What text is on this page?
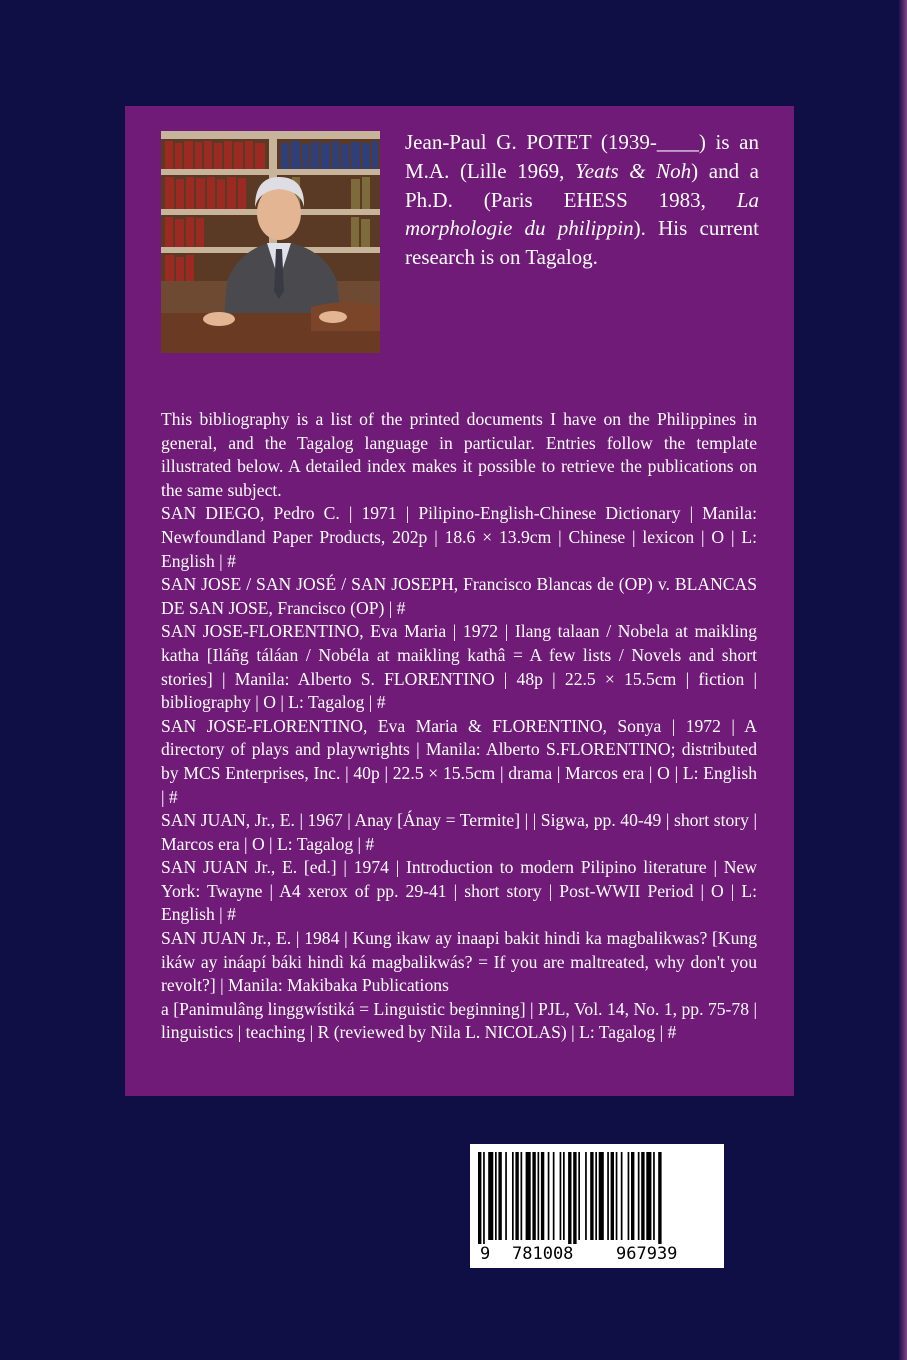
Jean-Paul G. POTET (1939-____) is an M.A. (Lille 1969, Yeats & Noh) and a Ph.D. (Paris EHESS 1983, La morphologie du philippin). His current research is on Tagalog.

This bibliography is a list of the printed documents I have on the Philippines in general, and the Tagalog language in particular. Entries follow the template illustrated below. A detailed index makes it possible to retrieve the publications on the same subject.

SAN DIEGO, Pedro C. | 1971 | Pilipino-English-Chinese Dictionary | Manila: Newfoundland Paper Products, 202p | 18.6 × 13.9cm | Chinese | lexicon | O | L: English | #

SAN JOSE / SAN JOSÉ / SAN JOSEPH, Francisco Blancas de (OP) v. BLANCAS DE SAN JOSE, Francisco (OP) | #

SAN JOSE-FLORENTINO, Eva Maria | 1972 | Ilang talaan / Nobela at maikling katha [Iláñg táláan / Nobéla at maikling kathâ = A few lists / Novels and short stories] | Manila: Alberto S. FLORENTINO | 48p | 22.5 × 15.5cm | fiction | bibliography | O | L: Tagalog | #

SAN JOSE-FLORENTINO, Eva Maria & FLORENTINO, Sonya | 1972 | A directory of plays and playwrights | Manila: Alberto S.FLORENTINO; distributed by MCS Enterprises, Inc. | 40p | 22.5 × 15.5cm | drama | Marcos era | O | L: English | #

SAN JUAN, Jr., E. | 1967 | Anay [Ánay = Termite] | | Sigwa, pp. 40-49 | short story | Marcos era | O | L: Tagalog | #

SAN JUAN Jr., E. [ed.] | 1974 | Introduction to modern Pilipino literature | New York: Twayne | A4 xerox of pp. 29-41 | short story | Post-WWII Period | O | L: English | #

SAN JUAN Jr., E. | 1984 | Kung ikaw ay inaapi bakit hindi ka magbalikwas? [Kung ikáw ay ináapí báki hindì ká magbalikwás? = If you are maltreated, why don't you revolt?] | Manila: Makibaka Publications

a [Panimulâng linggwístiká = Linguistic beginning] | PJL, Vol. 14, No. 1, pp. 75-78 | linguistics | teaching | R (reviewed by Nila L. NICOLAS) | L: Tagalog | #

9 781008	967939
